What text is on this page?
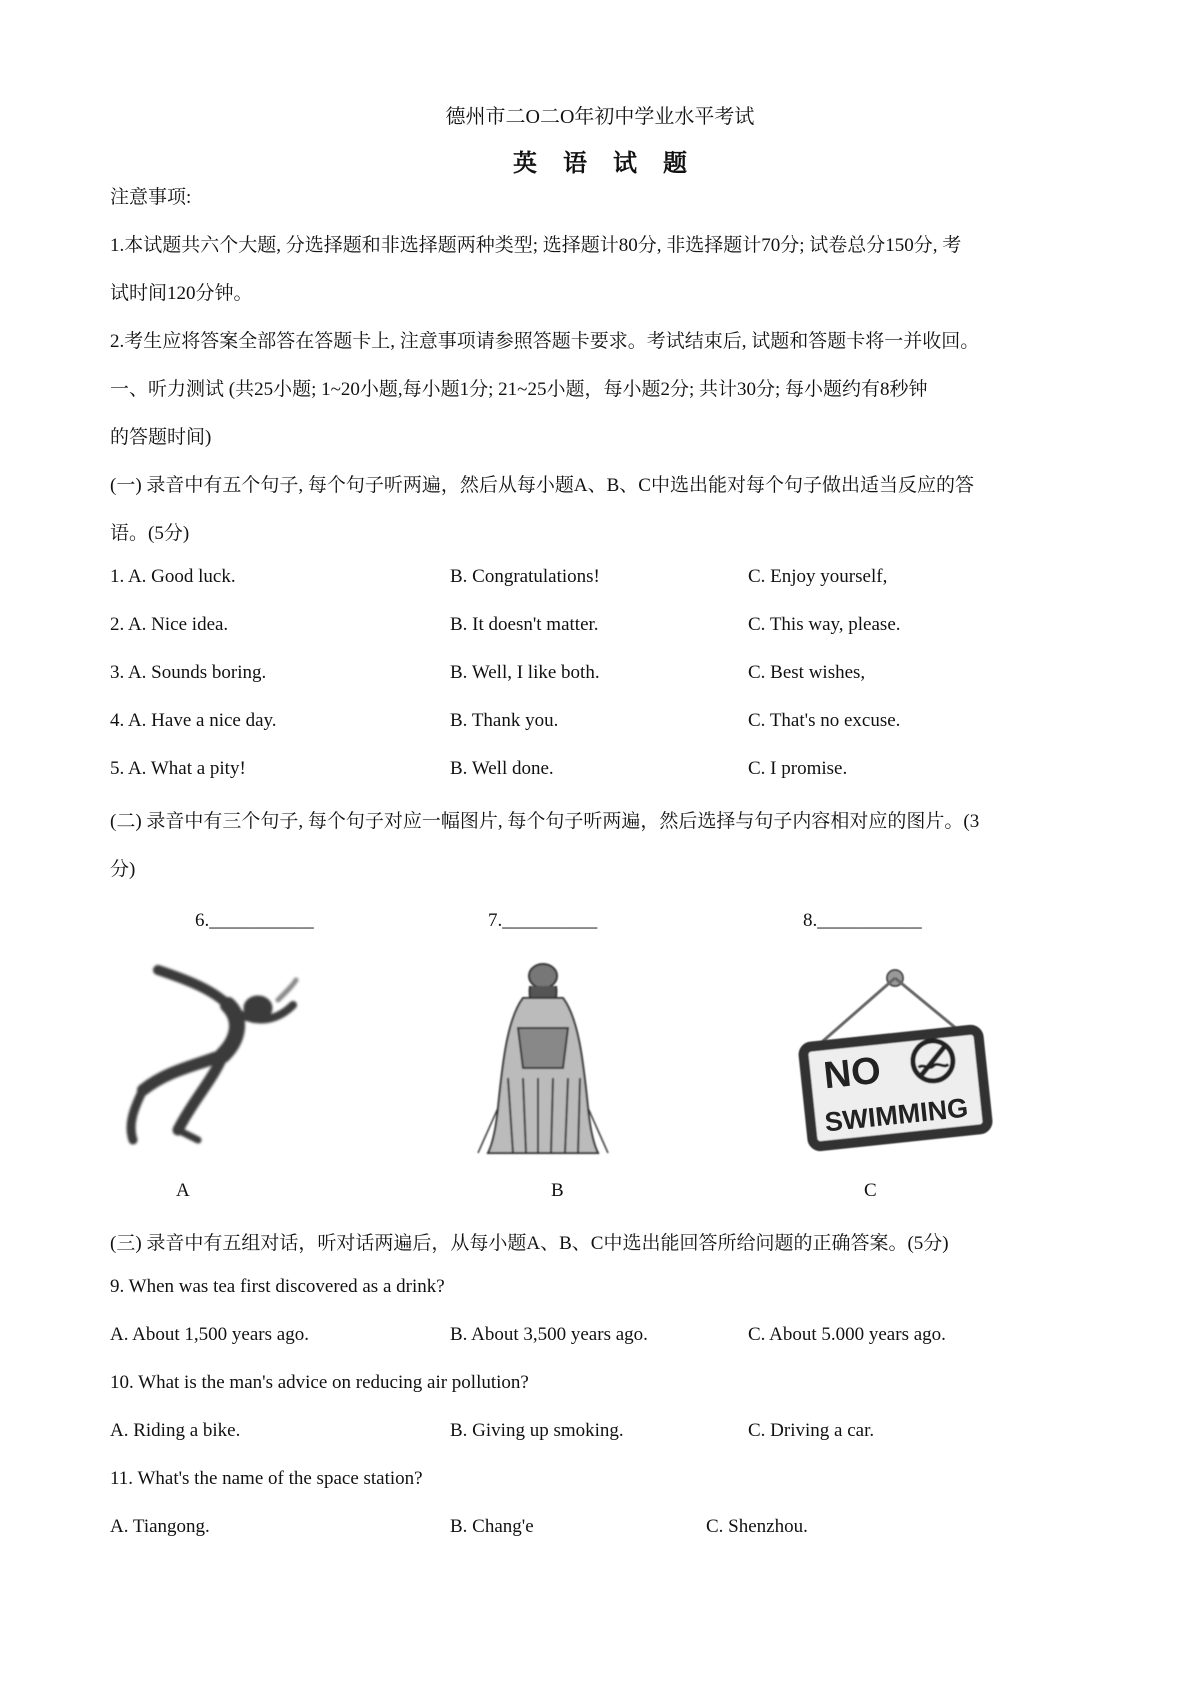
德州市二O二O年初中学业水平考试
英语试题
注意事项:
1.本试题共六个大题, 分选择题和非选择题两种类型; 选择题计80分, 非选择题计70分; 试卷总分150分, 考
试时间120分钟。
2.考生应将答案全部答在答题卡上, 注意事项请参照答题卡要求。考试结束后, 试题和答题卡将一并收回。
一、听力测试 (共25小题; 1~20小题,每小题1分; 21~25小题，每小题2分; 共计30分; 每小题约有8秒钟
的答题时间)
(一) 录音中有五个句子, 每个句子听两遍，然后从每小题A、B、C中选出能对每个句子做出适当反应的答
语。(5分)
1. A. Good luck.	B. Congratulations!	C. Enjoy yourself,
2. A. Nice idea.	B. It doesn't matter.	C. This way, please.
3. A. Sounds boring.	B. Well, I like both.	C. Best wishes,
4. A. Have a nice day.	B. Thank you.	C. That's no excuse.
5. A. What a pity!	B. Well done.	C. I promise.
(二) 录音中有三个句子, 每个句子对应一幅图片, 每个句子听两遍，然后选择与句子内容相对应的图片。(3
分)
6.___________	7.__________	8.___________
NO
SWIMMING
A	B	C
(三) 录音中有五组对话，听对话两遍后，从每小题A、B、C中选出能回答所给问题的正确答案。(5分)
9. When was tea first discovered as a drink?
A. About 1,500 years ago.	B. About 3,500 years ago.	C. About 5.000 years ago.
10. What is the man's advice on reducing air pollution?
A. Riding a bike.	B. Giving up smoking.	C. Driving a car.
11. What's the name of the space station?
A. Tiangong.	B. Chang'e	C. Shenzhou.
